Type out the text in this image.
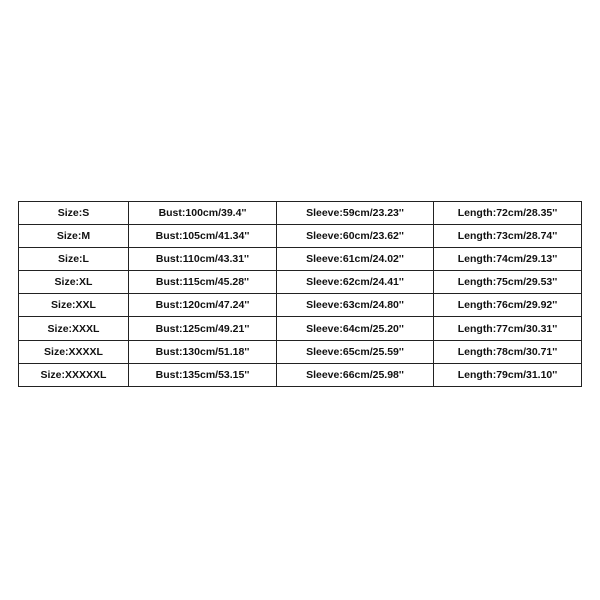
Size:S	Bust:100cm/39.4''	Sleeve:59cm/23.23''	Length:72cm/28.35''
Size:M	Bust:105cm/41.34''	Sleeve:60cm/23.62''	Length:73cm/28.74''
Size:L	Bust:110cm/43.31''	Sleeve:61cm/24.02''	Length:74cm/29.13''
Size:XL	Bust:115cm/45.28''	Sleeve:62cm/24.41''	Length:75cm/29.53''
Size:XXL	Bust:120cm/47.24''	Sleeve:63cm/24.80''	Length:76cm/29.92''
Size:XXXL	Bust:125cm/49.21''	Sleeve:64cm/25.20''	Length:77cm/30.31''
Size:XXXXL	Bust:130cm/51.18''	Sleeve:65cm/25.59''	Length:78cm/30.71''
Size:XXXXXL	Bust:135cm/53.15''	Sleeve:66cm/25.98''	Length:79cm/31.10''
